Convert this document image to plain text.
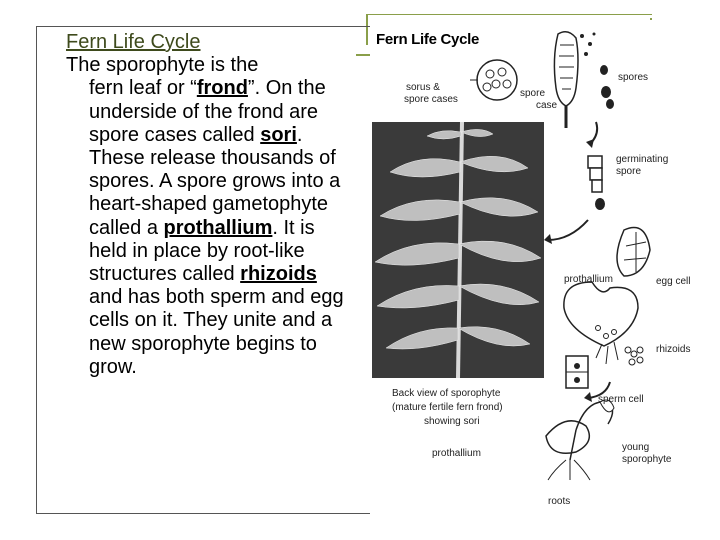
Fern Life Cycle
The sporophyte is the
fern leaf or “frond”. On the underside of the frond are spore cases called sori. These release thousands of spores. A spore grows into a heart-shaped gametophyte called a prothallium. It is held in place by root-like structures called rhizoids and has both sperm and egg cells on it. They unite and a new sporophyte begins to grow.
Fern Life Cycle
sorus &
spore cases
spore
case
spores
germinating
spore
prothallium	egg cell
rhizoids
sperm cell
young
sporophyte
prothallium
roots
Back view of sporophyte
(mature fertile fern frond)
showing sori
